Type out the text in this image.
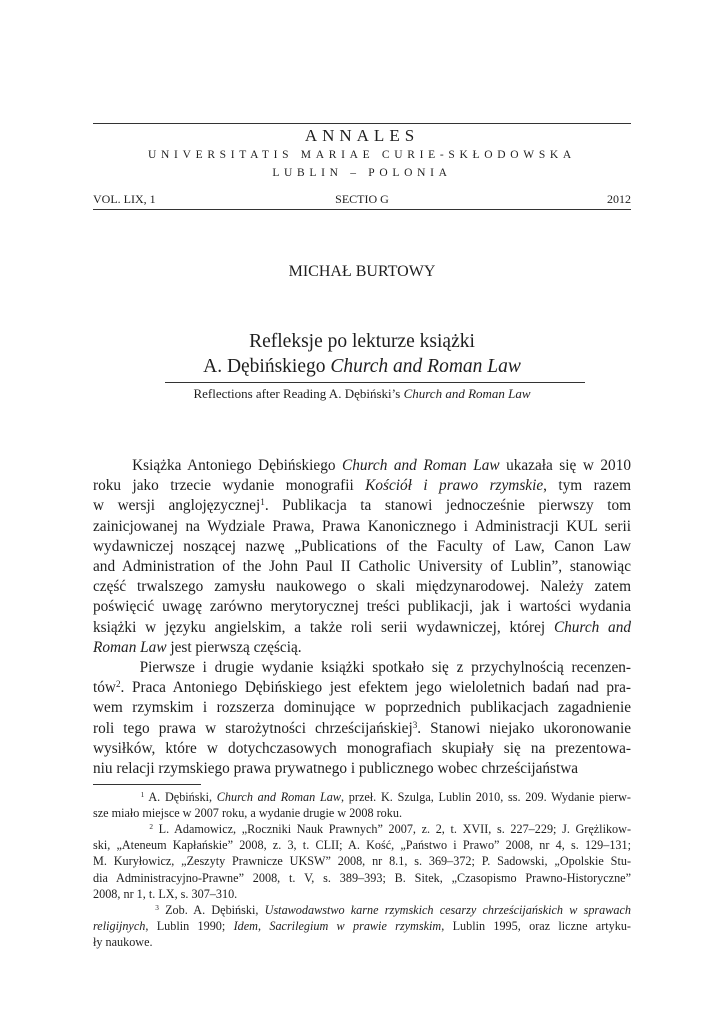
ANNALES
UNIVERSITATIS MARIAE CURIE-SKŁODOWSKA
LUBLIN – POLONIA
VOL. LIX, 1	SECTIO G	2012
MICHAŁ BURTOWY
Refleksje po lekturze książki
A. Dębińskiego Church and Roman Law
Reflections after Reading A. Dębiński’s Church and Roman Law
Książka Antoniego Dębińskiego Church and Roman Law ukazała się w 2010
roku jako trzecie wydanie monografii Kościół i prawo rzymskie, tym razem
w wersji anglojęzycznej$^1$. Publikacja ta stanowi jednocześnie pierwszy tom
zainicjowanej na Wydziale Prawa, Prawa Kanonicznego i Administracji KUL serii
wydawniczej noszącej nazwę „Publications of the Faculty of Law, Canon Law
and Administration of the John Paul II Catholic University of Lublin”, stanowiąc
część trwalszego zamysłu naukowego o skali międzynarodowej. Należy zatem
poświęcić uwagę zarówno merytorycznej treści publikacji, jak i wartości wydania
książki w języku angielskim, a także roli serii wydawniczej, której Church and
Roman Law jest pierwszą częścią.
Pierwsze i drugie wydanie książki spotkało się z przychylnością recenzen-
tów$^2$. Praca Antoniego Dębińskiego jest efektem jego wieloletnich badań nad pra-
wem rzymskim i rozszerza dominujące w poprzednich publikacjach zagadnienie
roli tego prawa w starożytności chrześcijańskiej$^3$. Stanowi niejako ukoronowanie
wysiłków, które w dotychczasowych monografiach skupiały się na prezentowa-
niu relacji rzymskiego prawa prywatnego i publicznego wobec chrześcijaństwa
$^1$ A. Dębiński, Church and Roman Law, przeł. K. Szulga, Lublin 2010, ss. 209. Wydanie pierw-
sze miało miejsce w 2007 roku, a wydanie drugie w 2008 roku.
$^2$ L. Adamowicz, „Roczniki Nauk Prawnych” 2007, z. 2, t. XVII, s. 227–229; J. Grężlikow-
ski, „Ateneum Kapłańskie” 2008, z. 3, t. CLII; A. Kość, „Państwo i Prawo” 2008, nr 4, s. 129–131;
M. Kuryłowicz, „Zeszyty Prawnicze UKSW” 2008, nr 8.1, s. 369–372; P. Sadowski, „Opolskie Stu-
dia Administracyjno-Prawne” 2008, t. V, s. 389–393; B. Sitek, „Czasopismo Prawno-Historyczne”
2008, nr 1, t. LX, s. 307–310.
$^3$ Zob. A. Dębiński, Ustawodawstwo karne rzymskich cesarzy chrześcijańskich w sprawach
religijnych, Lublin 1990; Idem, Sacrilegium w prawie rzymskim, Lublin 1995, oraz liczne artyku-
ły naukowe.
